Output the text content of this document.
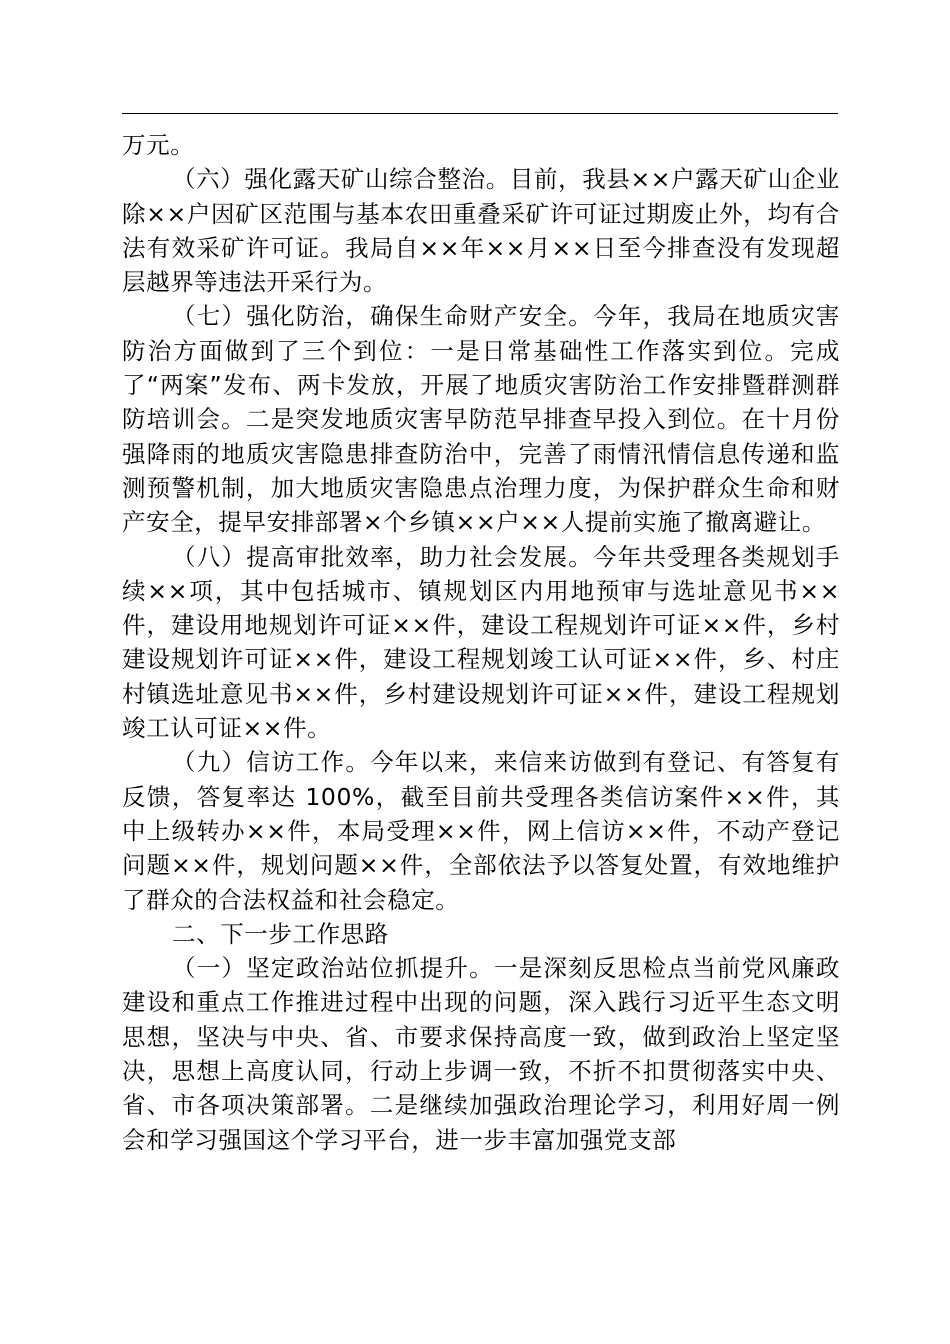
万元。

（六）强化露天矿山综合整治。目前，我县××户露天矿山企业除××户因矿区范围与基本农田重叠采矿许可证过期废止外，均有合法有效采矿许可证。我局自××年××月××日至今排查没有发现超层越界等违法开采行为。

（七）强化防治，确保生命财产安全。今年，我局在地质灾害防治方面做到了三个到位：一是日常基础性工作落实到位。完成了“两案”发布、两卡发放，开展了地质灾害防治工作安排暨群测群防培训会。二是突发地质灾害早防范早排查早投入到位。在十月份强降雨的地质灾害隐患排查防治中，完善了雨情汛情信息传递和监测预警机制，加大地质灾害隐患点治理力度，为保护群众生命和财产安全，提早安排部署×个乡镇××户××人提前实施了撤离避让。

（八）提高审批效率，助力社会发展。今年共受理各类规划手续××项，其中包括城市、镇规划区内用地预审与选址意见书××件，建设用地规划许可证××件，建设工程规划许可证××件，乡村建设规划许可证××件，建设工程规划竣工认可证××件，乡、村庄村镇选址意见书××件，乡村建设规划许可证××件，建设工程规划竣工认可证××件。

（九）信访工作。今年以来，来信来访做到有登记、有答复有反馈，答复率达 100%，截至目前共受理各类信访案件××件，其中上级转办××件，本局受理××件，网上信访××件，不动产登记问题××件，规划问题××件，全部依法予以答复处置，有效地维护了群众的合法权益和社会稳定。

二、下一步工作思路

（一）坚定政治站位抓提升。一是深刻反思检点当前党风廉政建设和重点工作推进过程中出现的问题，深入践行习近平生态文明思想，坚决与中央、省、市要求保持高度一致，做到政治上坚定坚决，思想上高度认同，行动上步调一致，不折不扣贯彻落实中央、省、市各项决策部署。二是继续加强政治理论学习，利用好周一例会和学习强国这个学习平台，进一步丰富加强党支部
